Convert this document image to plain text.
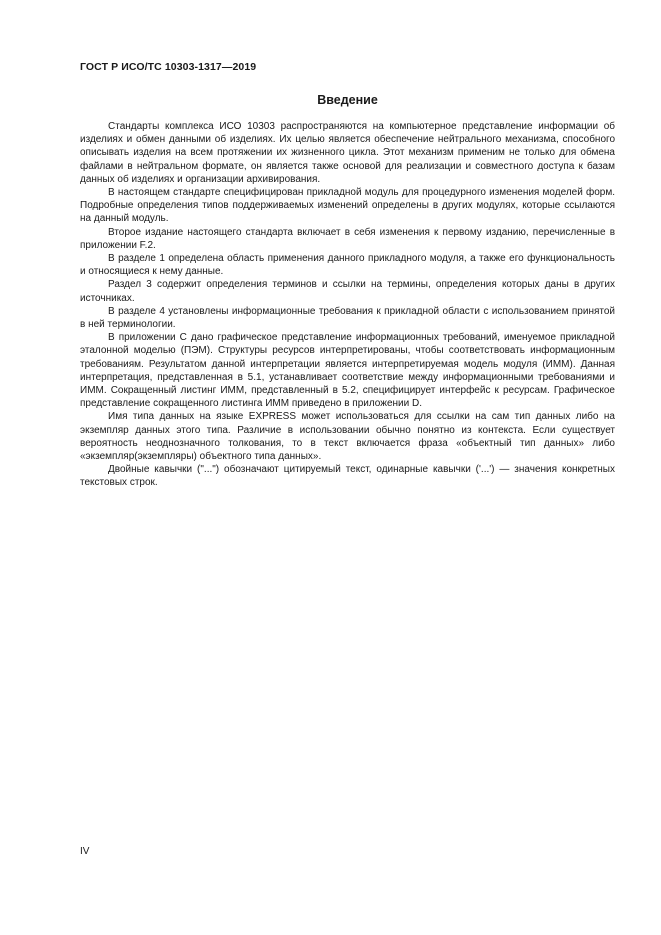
ГОСТ Р ИСО/ТС 10303-1317—2019
Введение

Стандарты комплекса ИСО 10303 распространяются на компьютерное представление информации об изделиях и обмен данными об изделиях. Их целью является обеспечение нейтрального механизма, способного описывать изделия на всем протяжении их жизненного цикла. Этот механизм применим не только для обмена файлами в нейтральном формате, он является также основой для реализации и совместного доступа к базам данных об изделиях и организации архивирования.

В настоящем стандарте специфицирован прикладной модуль для процедурного изменения моделей форм. Подробные определения типов поддерживаемых изменений определены в других модулях, которые ссылаются на данный модуль.

Второе издание настоящего стандарта включает в себя изменения к первому изданию, перечисленные в приложении F.2.

В разделе 1 определена область применения данного прикладного модуля, а также его функциональность и относящиеся к нему данные.

Раздел 3 содержит определения терминов и ссылки на термины, определения которых даны в других источниках.

В разделе 4 установлены информационные требования к прикладной области с использованием принятой в ней терминологии.

В приложении С дано графическое представление информационных требований, именуемое прикладной эталонной моделью (ПЭМ). Структуры ресурсов интерпретированы, чтобы соответствовать информационным требованиям. Результатом данной интерпретации является интерпретируемая модель модуля (ИММ). Данная интерпретация, представленная в 5.1, устанавливает соответствие между информационными требованиями и ИММ. Сокращенный листинг ИММ, представленный в 5.2, специфицирует интерфейс к ресурсам. Графическое представление сокращенного листинга ИММ приведено в приложении D.

Имя типа данных на языке EXPRESS может использоваться для ссылки на сам тип данных либо на экземпляр данных этого типа. Различие в использовании обычно понятно из контекста. Если существует вероятность неоднозначного толкования, то в текст включается фраза «объектный тип данных» либо «экземпляр(экземпляры) объектного типа данных».

Двойные кавычки ("...") обозначают цитируемый текст, одинарные кавычки ('...') — значения конкретных текстовых строк.

IV
